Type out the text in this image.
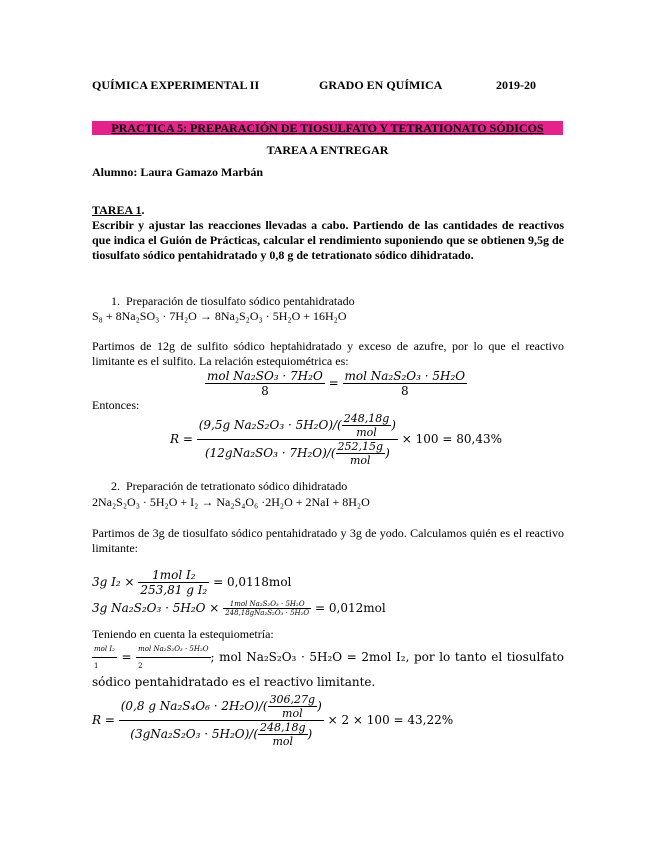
QUÍMICA EXPERIMENTAL II	GRADO EN QUÍMICA	2019-20
PRACTICA 5: PREPARACIÓN DE TIOSULFATO Y TETRATIONATO SÓDICOS
TAREA A ENTREGAR
Alumno: Laura Gamazo Marbán
TAREA 1.
Escribir y ajustar las reacciones llevadas a cabo. Partiendo de las cantidades de reactivos que indica el Guión de Prácticas, calcular el rendimiento suponiendo que se obtienen 9,5g de tiosulfato sódico pentahidratado y 0,8 g de tetrationato sódico dihidratado.
1. Preparación de tiosulfato sódico pentahidratado
S₈ + 8Na₂SO₃ · 7H₂O → 8Na₂S₂O₃ · 5H₂O + 16H₂O
Partimos de 12g de sulfito sódico heptahidratado y exceso de azufre, por lo que el reactivo limitante es el sulfito. La relación estequiométrica es:
$\frac{\text{mol Na₂SO₃ · 7H₂O}}{8} = \frac{\text{mol Na₂S₂O₃ · 5H₂O}}{8}$
Entonces:
$R = \frac{(9,5g Na_2S_2O_3 \cdot 5H_2O)/( \frac{248,18g}{\text{mol}} )}{(12gNa_2SO_3 \cdot 7H_2O)/( \frac{252,15g}{\text{mol}} )} \times 100 = 80,43\%$
2. Preparación de tetrationato sódico dihidratado
2Na₂S₂O₃ · 5H₂O + I₂ → Na₂S₄O₆ ·2H₂O + 2NaI + 8H₂O
Partimos de 3g de tiosulfato sódico pentahidratado y 3g de yodo. Calculamos quién es el reactivo limitante:
3g $I_2 \times \frac{\text{1mol I₂}}{\text{253,81 g I₂}} = 0,0118mol$
3g $Na_2S_2O_3 \cdot 5H_2O \times \frac{\text{1mol Na₂S₂O₃ · 5H₂O}}{\text{248,18gNa₂S₂O₃ · 5H₂O}} = 0,012mol$
Teniendo en cuenta la estequiometría:
$\frac{\text{mol I₂}}{1} = \frac{\text{mol Na₂S₂O₃ · 5H₂O}}{2}$ ; mol Na₂S₂O₃ · 5H₂O = 2mol I₂, por lo tanto el tiosulfato sódico pentahidratado es el reactivo limitante.
$R = \frac{(0,8 g Na_2S_4O_6 \cdot 2H_2O)/( \frac{306,27g}{\text{mol}} )}{(3gNa_2S_2O_3 \cdot 5H_2O)/( \frac{248,18g}{\text{mol}} )} \times 2 \times 100 = 43,22\%$
